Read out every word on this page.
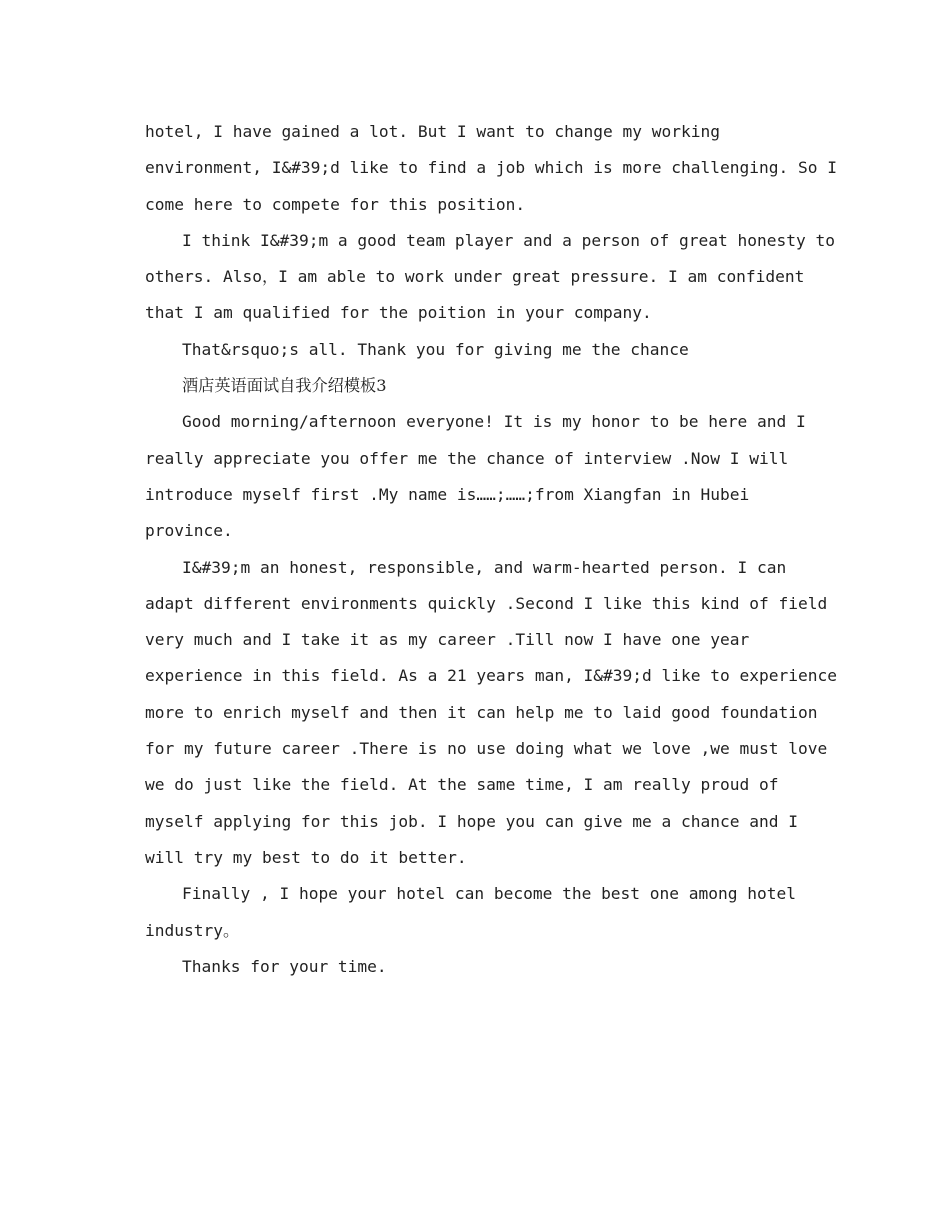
hotel, I have gained a lot. But I want to change my working
environment, I&#39;d like to find a job which is more challenging. So I
come here to compete for this position.

I think I&#39;m a good team player and a person of great honesty to
others. Also，I am able to work under great pressure. I am confident
that I am qualified for the poition in your company.

That&rsquo;s all. Thank you for giving me the chance

酒店英语面试自我介绍模板3

Good morning/afternoon everyone! It is my honor to be here and I
really appreciate you offer me the chance of interview .Now I will
introduce myself first .My name is……;……;from Xiangfan in Hubei
province.

I&#39;m an honest, responsible, and warm-hearted person. I can
adapt different environments quickly .Second I like this kind of field
very much and I take it as my career .Till now I have one year
experience in this field. As a 21 years man, I&#39;d like to experience
more to enrich myself and then it can help me to laid good foundation
for my future career .There is no use doing what we love ,we must love
we do just like the field. At the same time, I am really proud of
myself applying for this job. I hope you can give me a chance and I
will try my best to do it better.

Finally , I hope your hotel can become the best one among hotel
industry。

Thanks for your time.
